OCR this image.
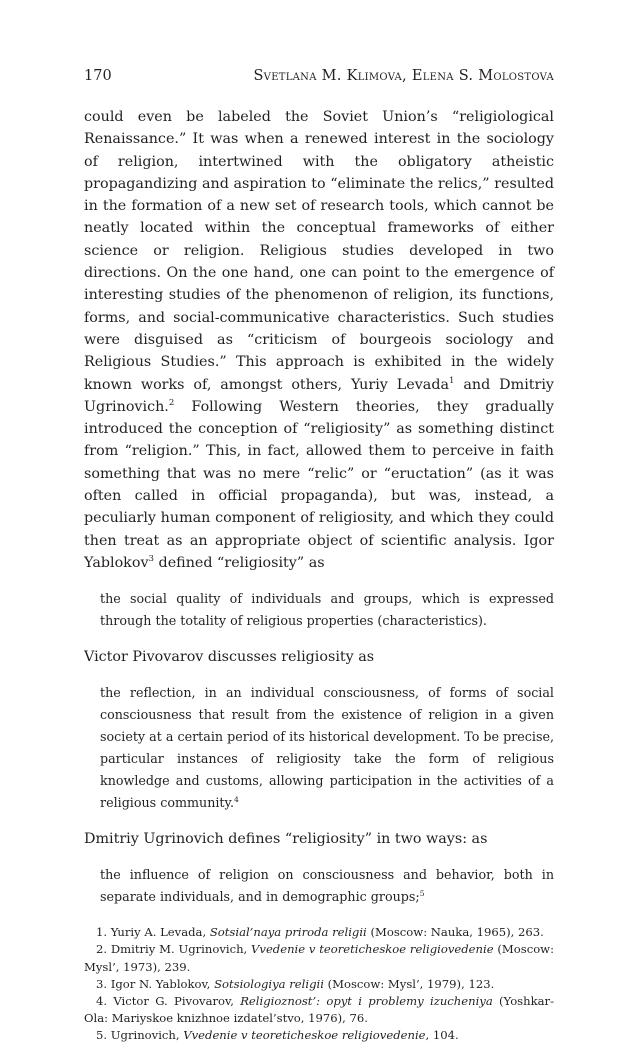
170	Svetlana M. Klimova, Elena S. Molostova

could even be labeled the Soviet Union’s “religiological Renaissance.” It was when a renewed interest in the sociology of religion, intertwined with the obligatory atheistic propagandizing and aspiration to “eliminate the relics,” resulted in the formation of a new set of research tools, which cannot be neatly located within the conceptual frameworks of either science or religion. Religious studies developed in two directions. On the one hand, one can point to the emergence of interesting studies of the phenomenon of religion, its functions, forms, and social-communicative characteristics. Such studies were disguised as “criticism of bourgeois sociology and Religious Studies.” This approach is exhibited in the widely known works of, amongst others, Yuriy Levada$^1$ and Dmitriy Ugrinovich.$^2$ Following Western theories, they gradually introduced the conception of “religiosity” as something distinct from “religion.” This, in fact, allowed them to perceive in faith something that was no mere “relic” or “eructation” (as it was often called in official propaganda), but was, instead, a peculiarly human component of religiosity, and which they could then treat as an appropriate object of scientific analysis. Igor Yablokov$^3$ defined “religiosity” as

the social quality of individuals and groups, which is expressed through the totality of religious properties (characteristics).

Victor Pivovarov discusses religiosity as

the reflection, in an individual consciousness, of forms of social consciousness that result from the existence of religion in a given society at a certain period of its historical development. To be precise, particular instances of religiosity take the form of religious knowledge and customs, allowing participation in the activities of a religious community.$^4$

Dmitriy Ugrinovich defines “religiosity” in two ways: as

the influence of religion on consciousness and behavior, both in separate individuals, and in demographic groups;$^5$

1. Yuriy A. Levada, Sotsial’naya priroda religii (Moscow: Nauka, 1965), 263.

2. Dmitriy M. Ugrinovich, Vvedenie v teoreticheskoe religiovedenie (Moscow: Mysl’, 1973), 239.

3. Igor N. Yablokov, Sotsiologiya religii (Moscow: Mysl’, 1979), 123.

4. Victor G. Pivovarov, Religioznost’: opyt i problemy izucheniya (Yoshkar-Ola: Mariyskoe knizhnoe izdatel’stvo, 1976), 76.

5. Ugrinovich, Vvedenie v teoreticheskoe religiovedenie, 104.
